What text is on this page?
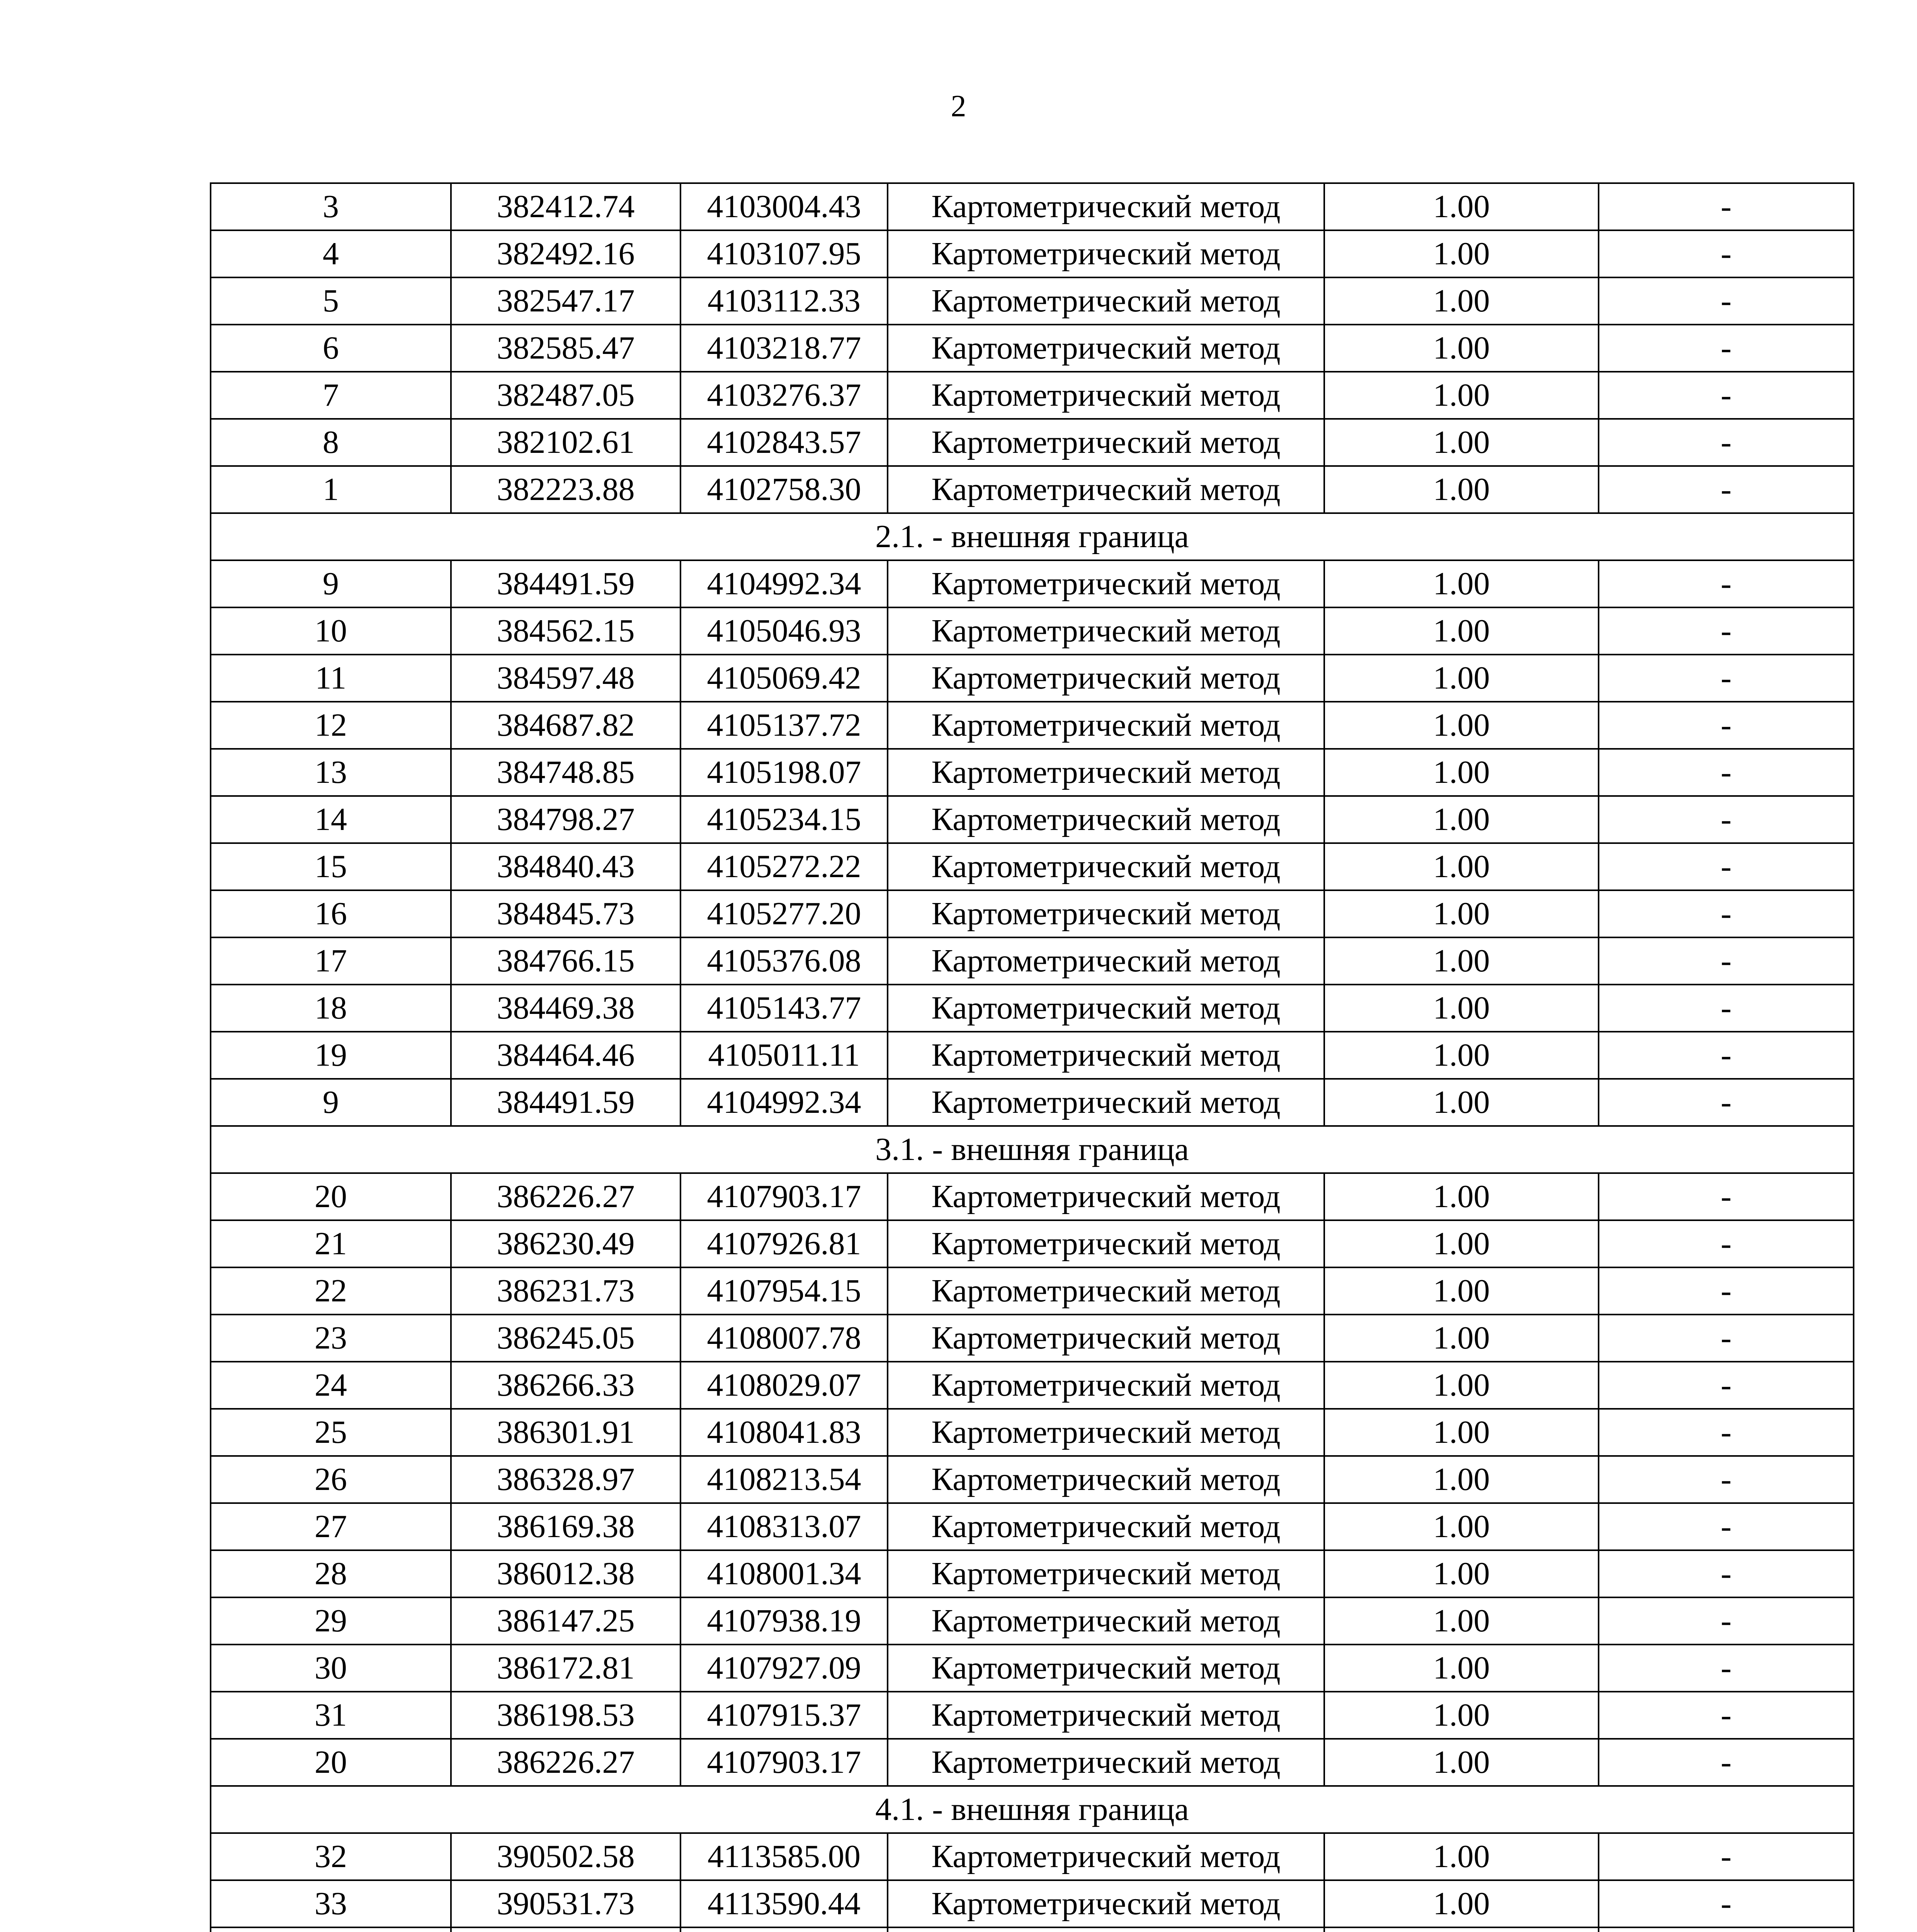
2
3	382412.74	4103004.43	Картометрический метод	1.00	-
4	382492.16	4103107.95	Картометрический метод	1.00	-
5	382547.17	4103112.33	Картометрический метод	1.00	-
6	382585.47	4103218.77	Картометрический метод	1.00	-
7	382487.05	4103276.37	Картометрический метод	1.00	-
8	382102.61	4102843.57	Картометрический метод	1.00	-
1	382223.88	4102758.30	Картометрический метод	1.00	-
2.1. - внешняя граница					
9	384491.59	4104992.34	Картометрический метод	1.00	-
10	384562.15	4105046.93	Картометрический метод	1.00	-
11	384597.48	4105069.42	Картометрический метод	1.00	-
12	384687.82	4105137.72	Картометрический метод	1.00	-
13	384748.85	4105198.07	Картометрический метод	1.00	-
14	384798.27	4105234.15	Картометрический метод	1.00	-
15	384840.43	4105272.22	Картометрический метод	1.00	-
16	384845.73	4105277.20	Картометрический метод	1.00	-
17	384766.15	4105376.08	Картометрический метод	1.00	-
18	384469.38	4105143.77	Картометрический метод	1.00	-
19	384464.46	4105011.11	Картометрический метод	1.00	-
9	384491.59	4104992.34	Картометрический метод	1.00	-
3.1. - внешняя граница					
20	386226.27	4107903.17	Картометрический метод	1.00	-
21	386230.49	4107926.81	Картометрический метод	1.00	-
22	386231.73	4107954.15	Картометрический метод	1.00	-
23	386245.05	4108007.78	Картометрический метод	1.00	-
24	386266.33	4108029.07	Картометрический метод	1.00	-
25	386301.91	4108041.83	Картометрический метод	1.00	-
26	386328.97	4108213.54	Картометрический метод	1.00	-
27	386169.38	4108313.07	Картометрический метод	1.00	-
28	386012.38	4108001.34	Картометрический метод	1.00	-
29	386147.25	4107938.19	Картометрический метод	1.00	-
30	386172.81	4107927.09	Картометрический метод	1.00	-
31	386198.53	4107915.37	Картометрический метод	1.00	-
20	386226.27	4107903.17	Картометрический метод	1.00	-
4.1. - внешняя граница					
32	390502.58	4113585.00	Картометрический метод	1.00	-
33	390531.73	4113590.44	Картометрический метод	1.00	-
